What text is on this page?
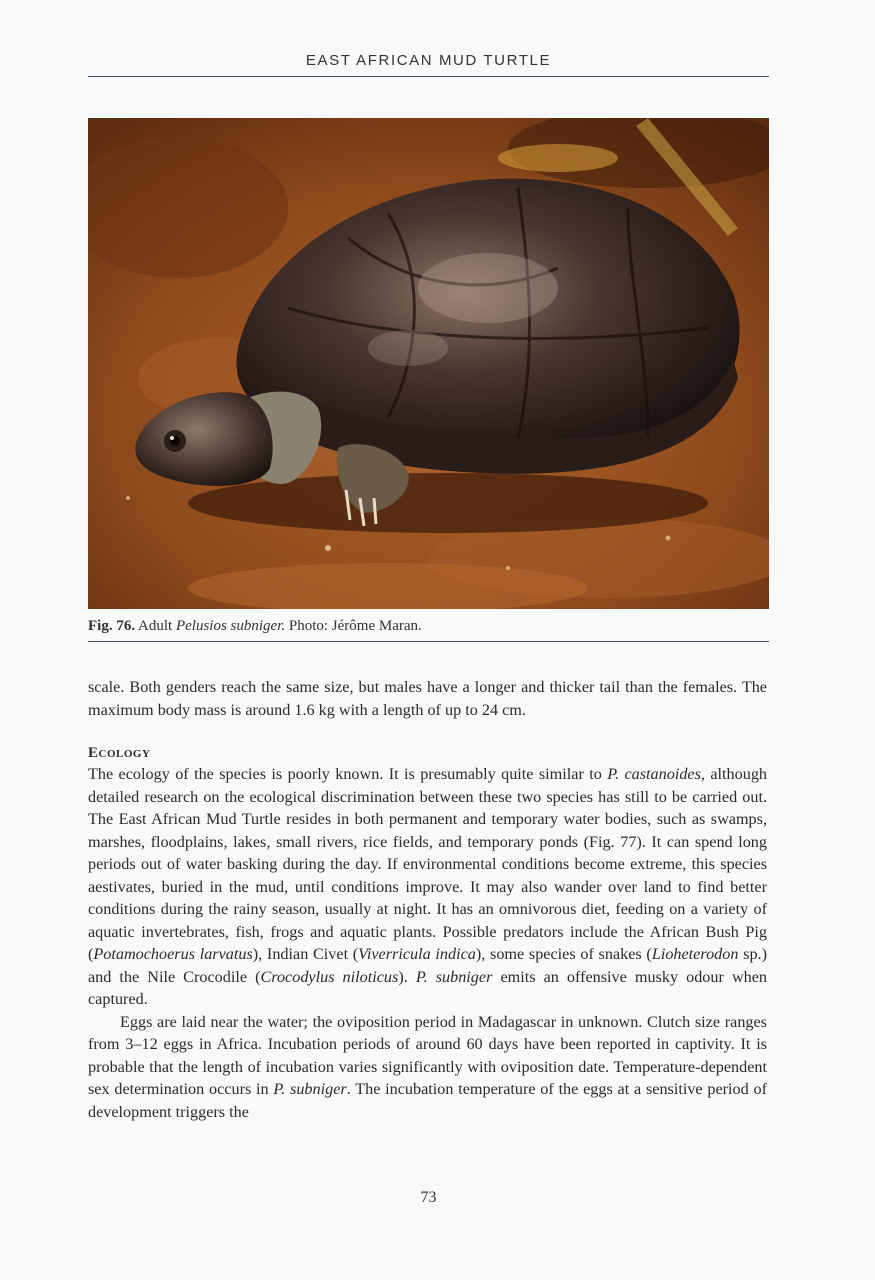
EAST AFRICAN MUD TURTLE
Fig. 76. Adult Pelusios subniger. Photo: Jérôme Maran.

scale. Both genders reach the same size, but males have a longer and thicker tail than the females. The maximum body mass is around 1.6 kg with a length of up to 24 cm.

Ecology

The ecology of the species is poorly known. It is presumably quite similar to P. castanoides, although detailed research on the ecological discrimination between these two species has still to be carried out. The East African Mud Turtle resides in both permanent and temporary water bodies, such as swamps, marshes, floodplains, lakes, small rivers, rice fields, and temporary ponds (Fig. 77). It can spend long periods out of water basking during the day. If environmental conditions become extreme, this species aestivates, buried in the mud, until conditions improve. It may also wander over land to find better conditions during the rainy season, usually at night. It has an omnivorous diet, feeding on a variety of aquatic invertebrates, fish, frogs and aquatic plants. Possible predators include the African Bush Pig (Potamochoerus larvatus), Indian Civet (Viverricula indica), some species of snakes (Lioheterodon sp.) and the Nile Crocodile (Crocodylus niloticus). P. subniger emits an offensive musky odour when captured.

Eggs are laid near the water; the oviposition period in Madagascar in unknown. Clutch size ranges from 3–12 eggs in Africa. Incubation periods of around 60 days have been reported in captivity. It is probable that the length of incubation varies significantly with oviposition date. Temperature-dependent sex determination occurs in P. subniger. The incubation temperature of the eggs at a sensitive period of development triggers the

73
